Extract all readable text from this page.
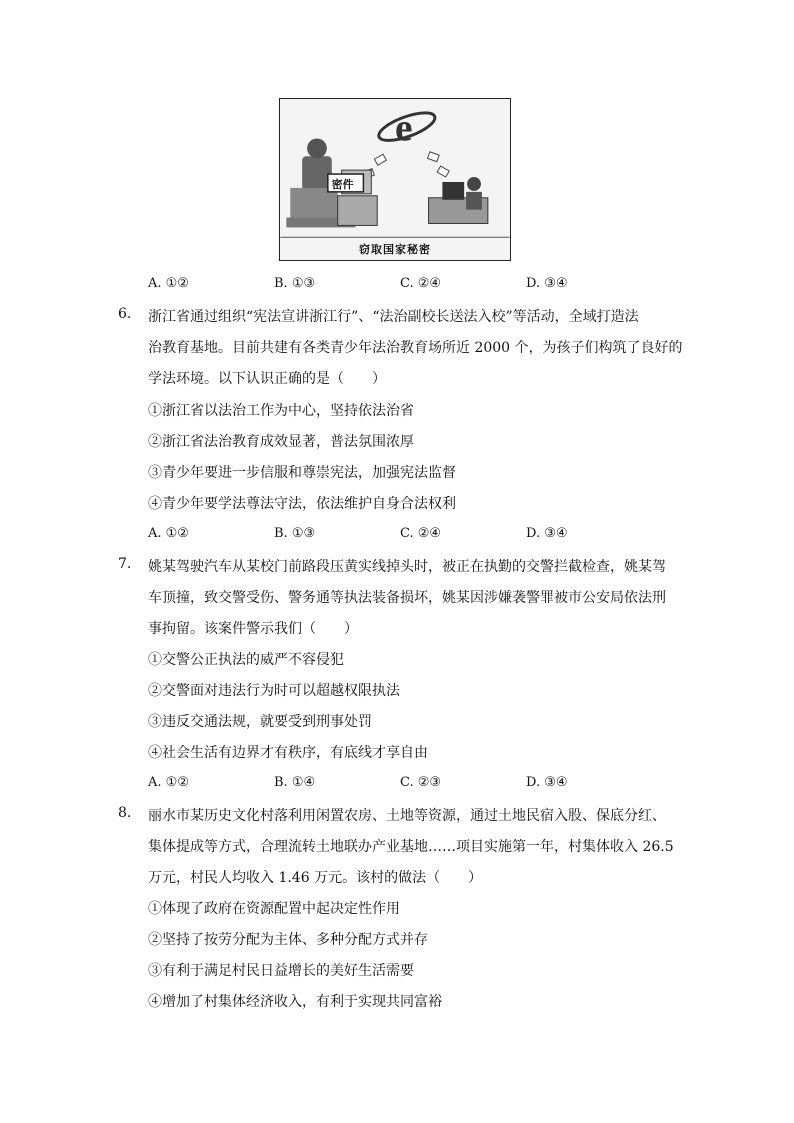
e
密件
窃取国家秘密
A. ①②	B. ①③	C. ②④	D. ③④
6. 浙江省通过组织“宪法宣讲浙江行”、“法治副校长送法入校”等活动，全域打造法
治教育基地。目前共建有各类青少年法治教育场所近 2000 个，为孩子们构筑了良好的
学法环境。以下认识正确的是（　　）
①浙江省以法治工作为中心，坚持依法治省
②浙江省法治教育成效显著，普法氛围浓厚
③青少年要进一步信服和尊崇宪法，加强宪法监督
④青少年要学法尊法守法，依法维护自身合法权利
A. ①②	B. ①③	C. ②④	D. ③④
7. 姚某驾驶汽车从某校门前路段压黄实线掉头时，被正在执勤的交警拦截检查，姚某驾
车顶撞，致交警受伤、警务通等执法装备损坏，姚某因涉嫌袭警罪被市公安局依法刑
事拘留。该案件警示我们（　　）
①交警公正执法的威严不容侵犯
②交警面对违法行为时可以超越权限执法
③违反交通法规，就要受到刑事处罚
④社会生活有边界才有秩序，有底线才享自由
A. ①②	B. ①④	C. ②③	D. ③④
8. 丽水市某历史文化村落利用闲置农房、土地等资源，通过土地民宿入股、保底分红、
集体提成等方式，合理流转土地联办产业基地……项目实施第一年，村集体收入 26.5
万元，村民人均收入 1.46 万元。该村的做法（　　）
①体现了政府在资源配置中起决定性作用
②坚持了按劳分配为主体、多种分配方式并存
③有利于满足村民日益增长的美好生活需要
④增加了村集体经济收入，有利于实现共同富裕
